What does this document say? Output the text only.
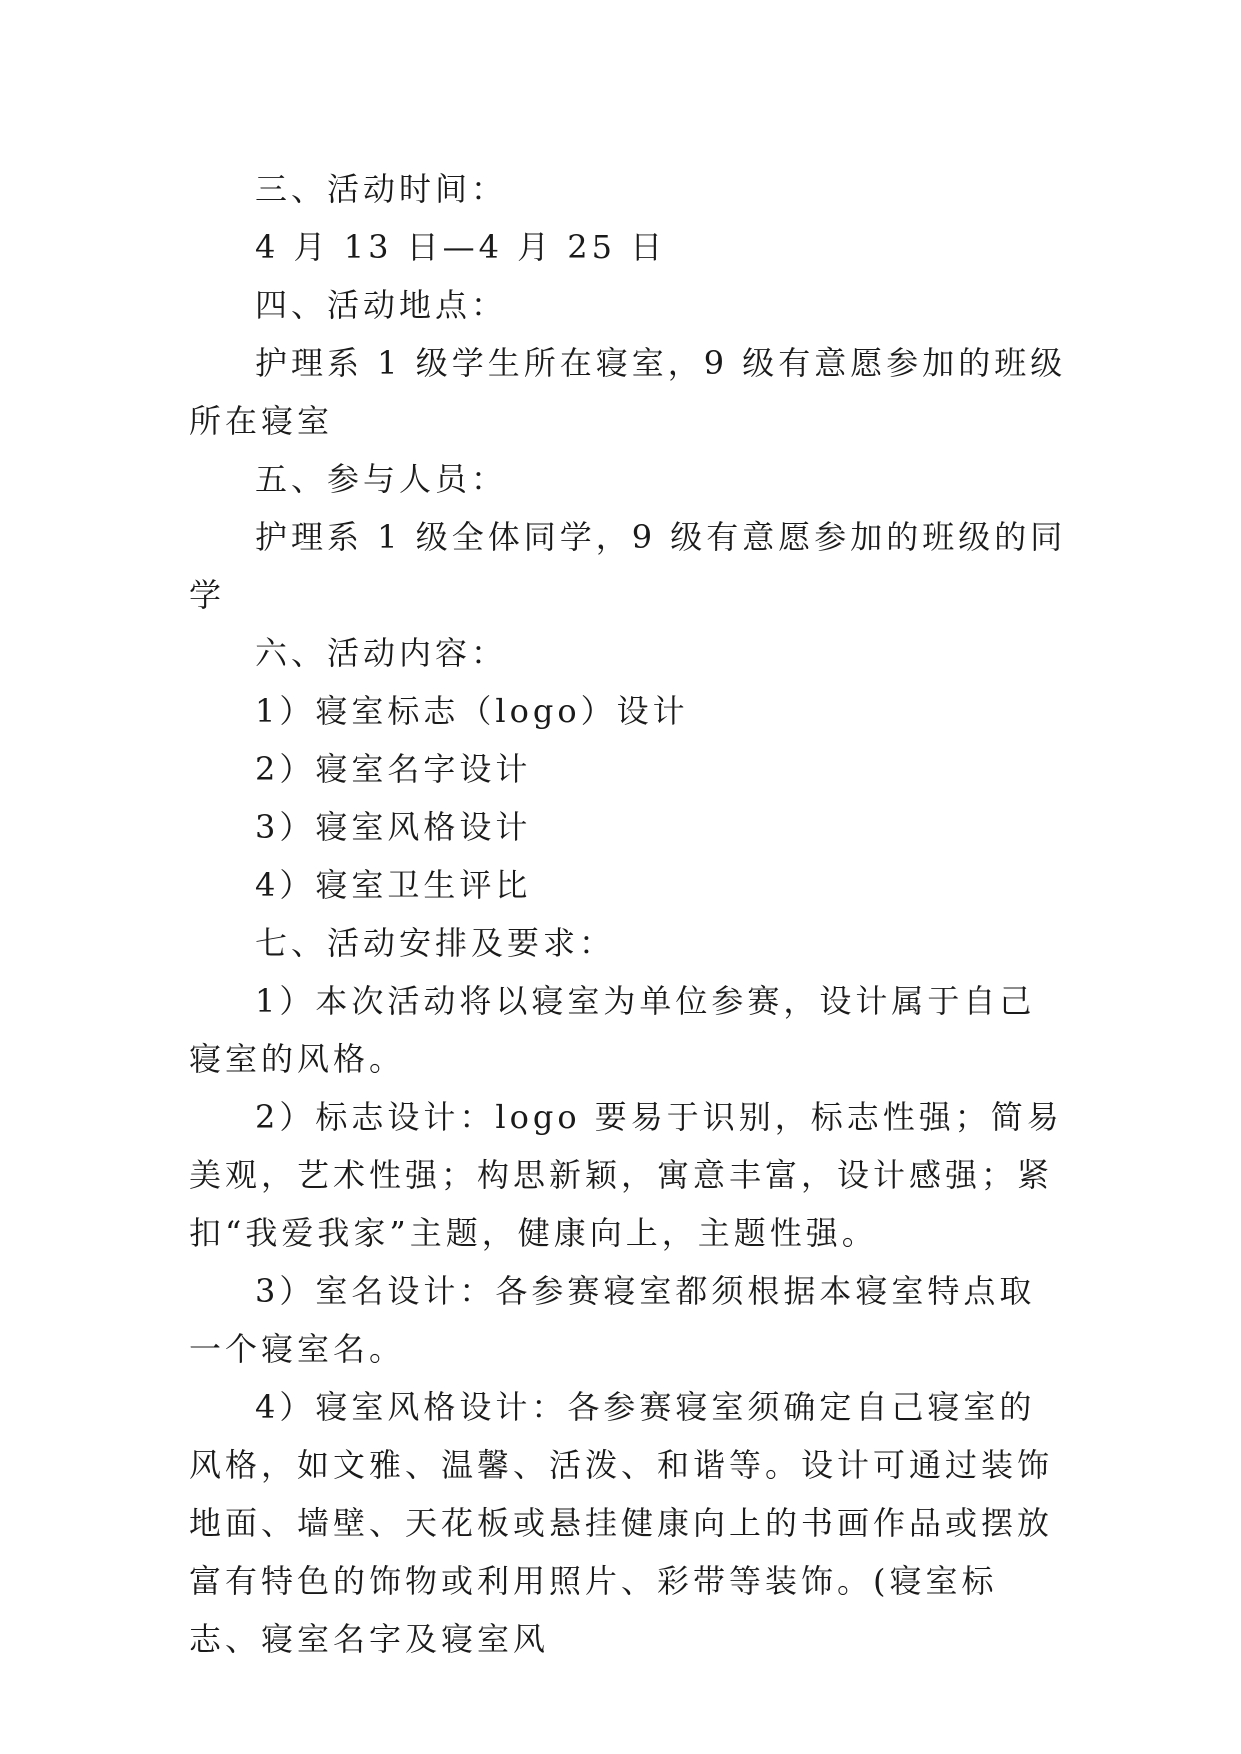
三、活动时间：

4 月 13 日—4 月 25 日

四、活动地点：

护理系 1 级学生所在寝室，9 级有意愿参加的班级所在寝室

五、参与人员：

护理系 1 级全体同学，9 级有意愿参加的班级的同学

六、活动内容：

1）寝室标志（logo）设计

2）寝室名字设计

3）寝室风格设计

4）寝室卫生评比

七、活动安排及要求：

1）本次活动将以寝室为单位参赛，设计属于自己寝室的风格。

2）标志设计：logo 要易于识别，标志性强；简易美观，艺术性强；构思新颖，寓意丰富，设计感强；紧扣“我爱我家”主题，健康向上，主题性强。

3）室名设计：各参赛寝室都须根据本寝室特点取一个寝室名。

4）寝室风格设计：各参赛寝室须确定自己寝室的风格，如文雅、温馨、活泼、和谐等。设计可通过装饰地面、墙壁、天花板或悬挂健康向上的书画作品或摆放富有特色的饰物或利用照片、彩带等装饰。(寝室标志、寝室名字及寝室风
